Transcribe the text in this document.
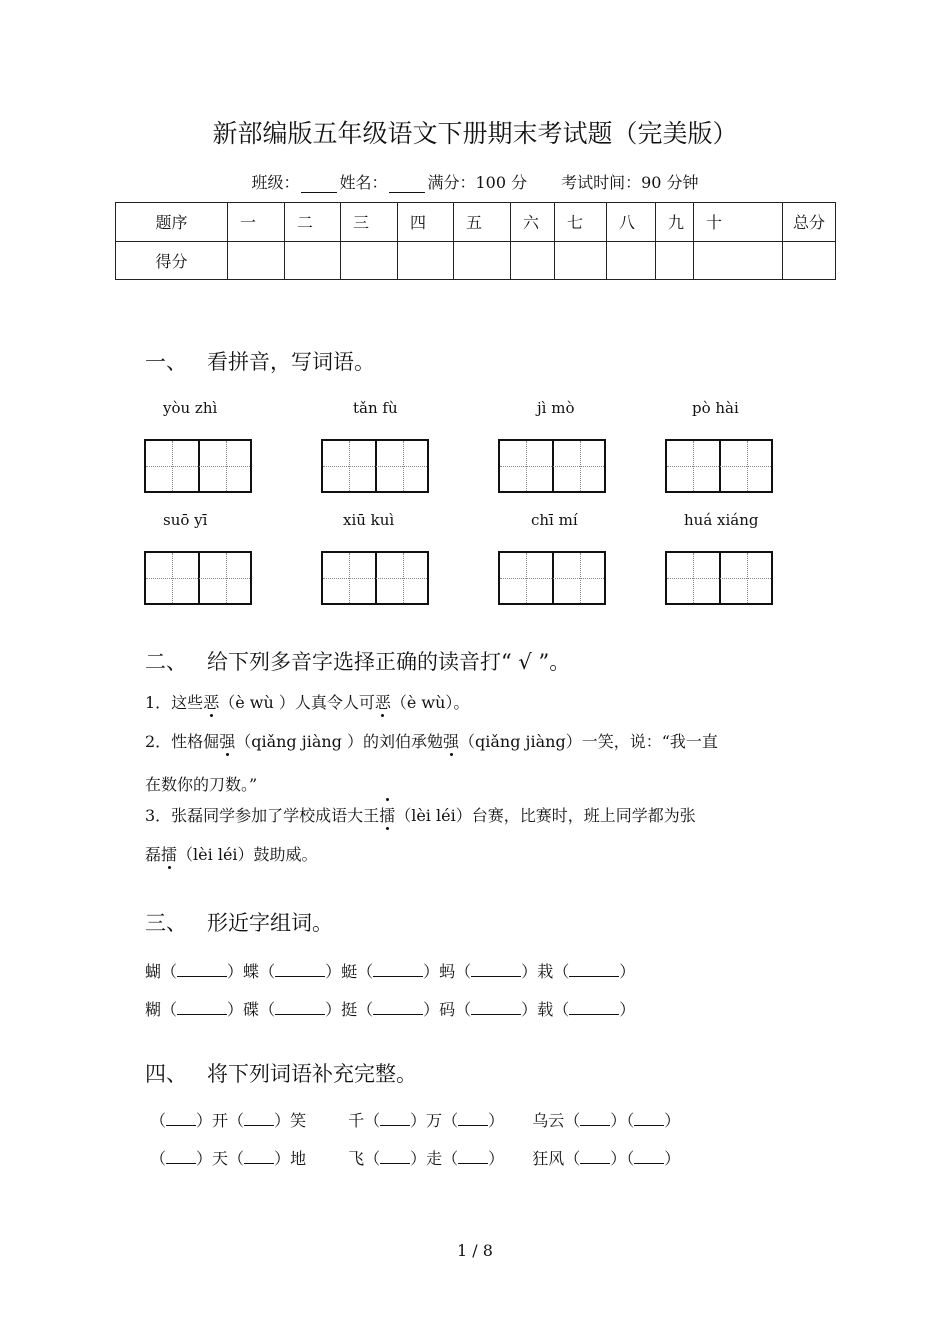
新部编版五年级语文下册期末考试题（完美版）
班级：	姓名：	满分：100 分 考试时间：90 分钟
题序	一	二	三	四	五	六	七	八	九	十	总分
得分											
一、 看拼音，写词语。
yòu zhì	tǎn fù	jì mò	pò hài
suō yī	xiū kuì	chī mí	huá xiáng
二、 给下列多音字选择正确的读音打“ √ ”。
1．这些恶（è wù ）人真令人可恶（è wù）。
2．性格倔强（qiǎng jiàng ）的刘伯承勉强（qiǎng jiàng）一笑，说：“我一直
在数你的刀数。”
3．张磊同学参加了学校成语大王擂（lèi léi）台赛，比赛时，班上同学都为张
磊擂（lèi léi）鼓助威。
三、 形近字组词。
蝴（	）蝶（	）蜓（	）蚂（	）栽（	）
糊（	）碟（	）挺（	）码（	）载（	）
四、 将下列词语补充完整。
（ ）开（ ）笑	千（ ）万（ ） 乌云（ ）（ ）
（ ）天（ ）地	飞（ ）走（ ） 狂风（ ）（ ）
1 / 8
